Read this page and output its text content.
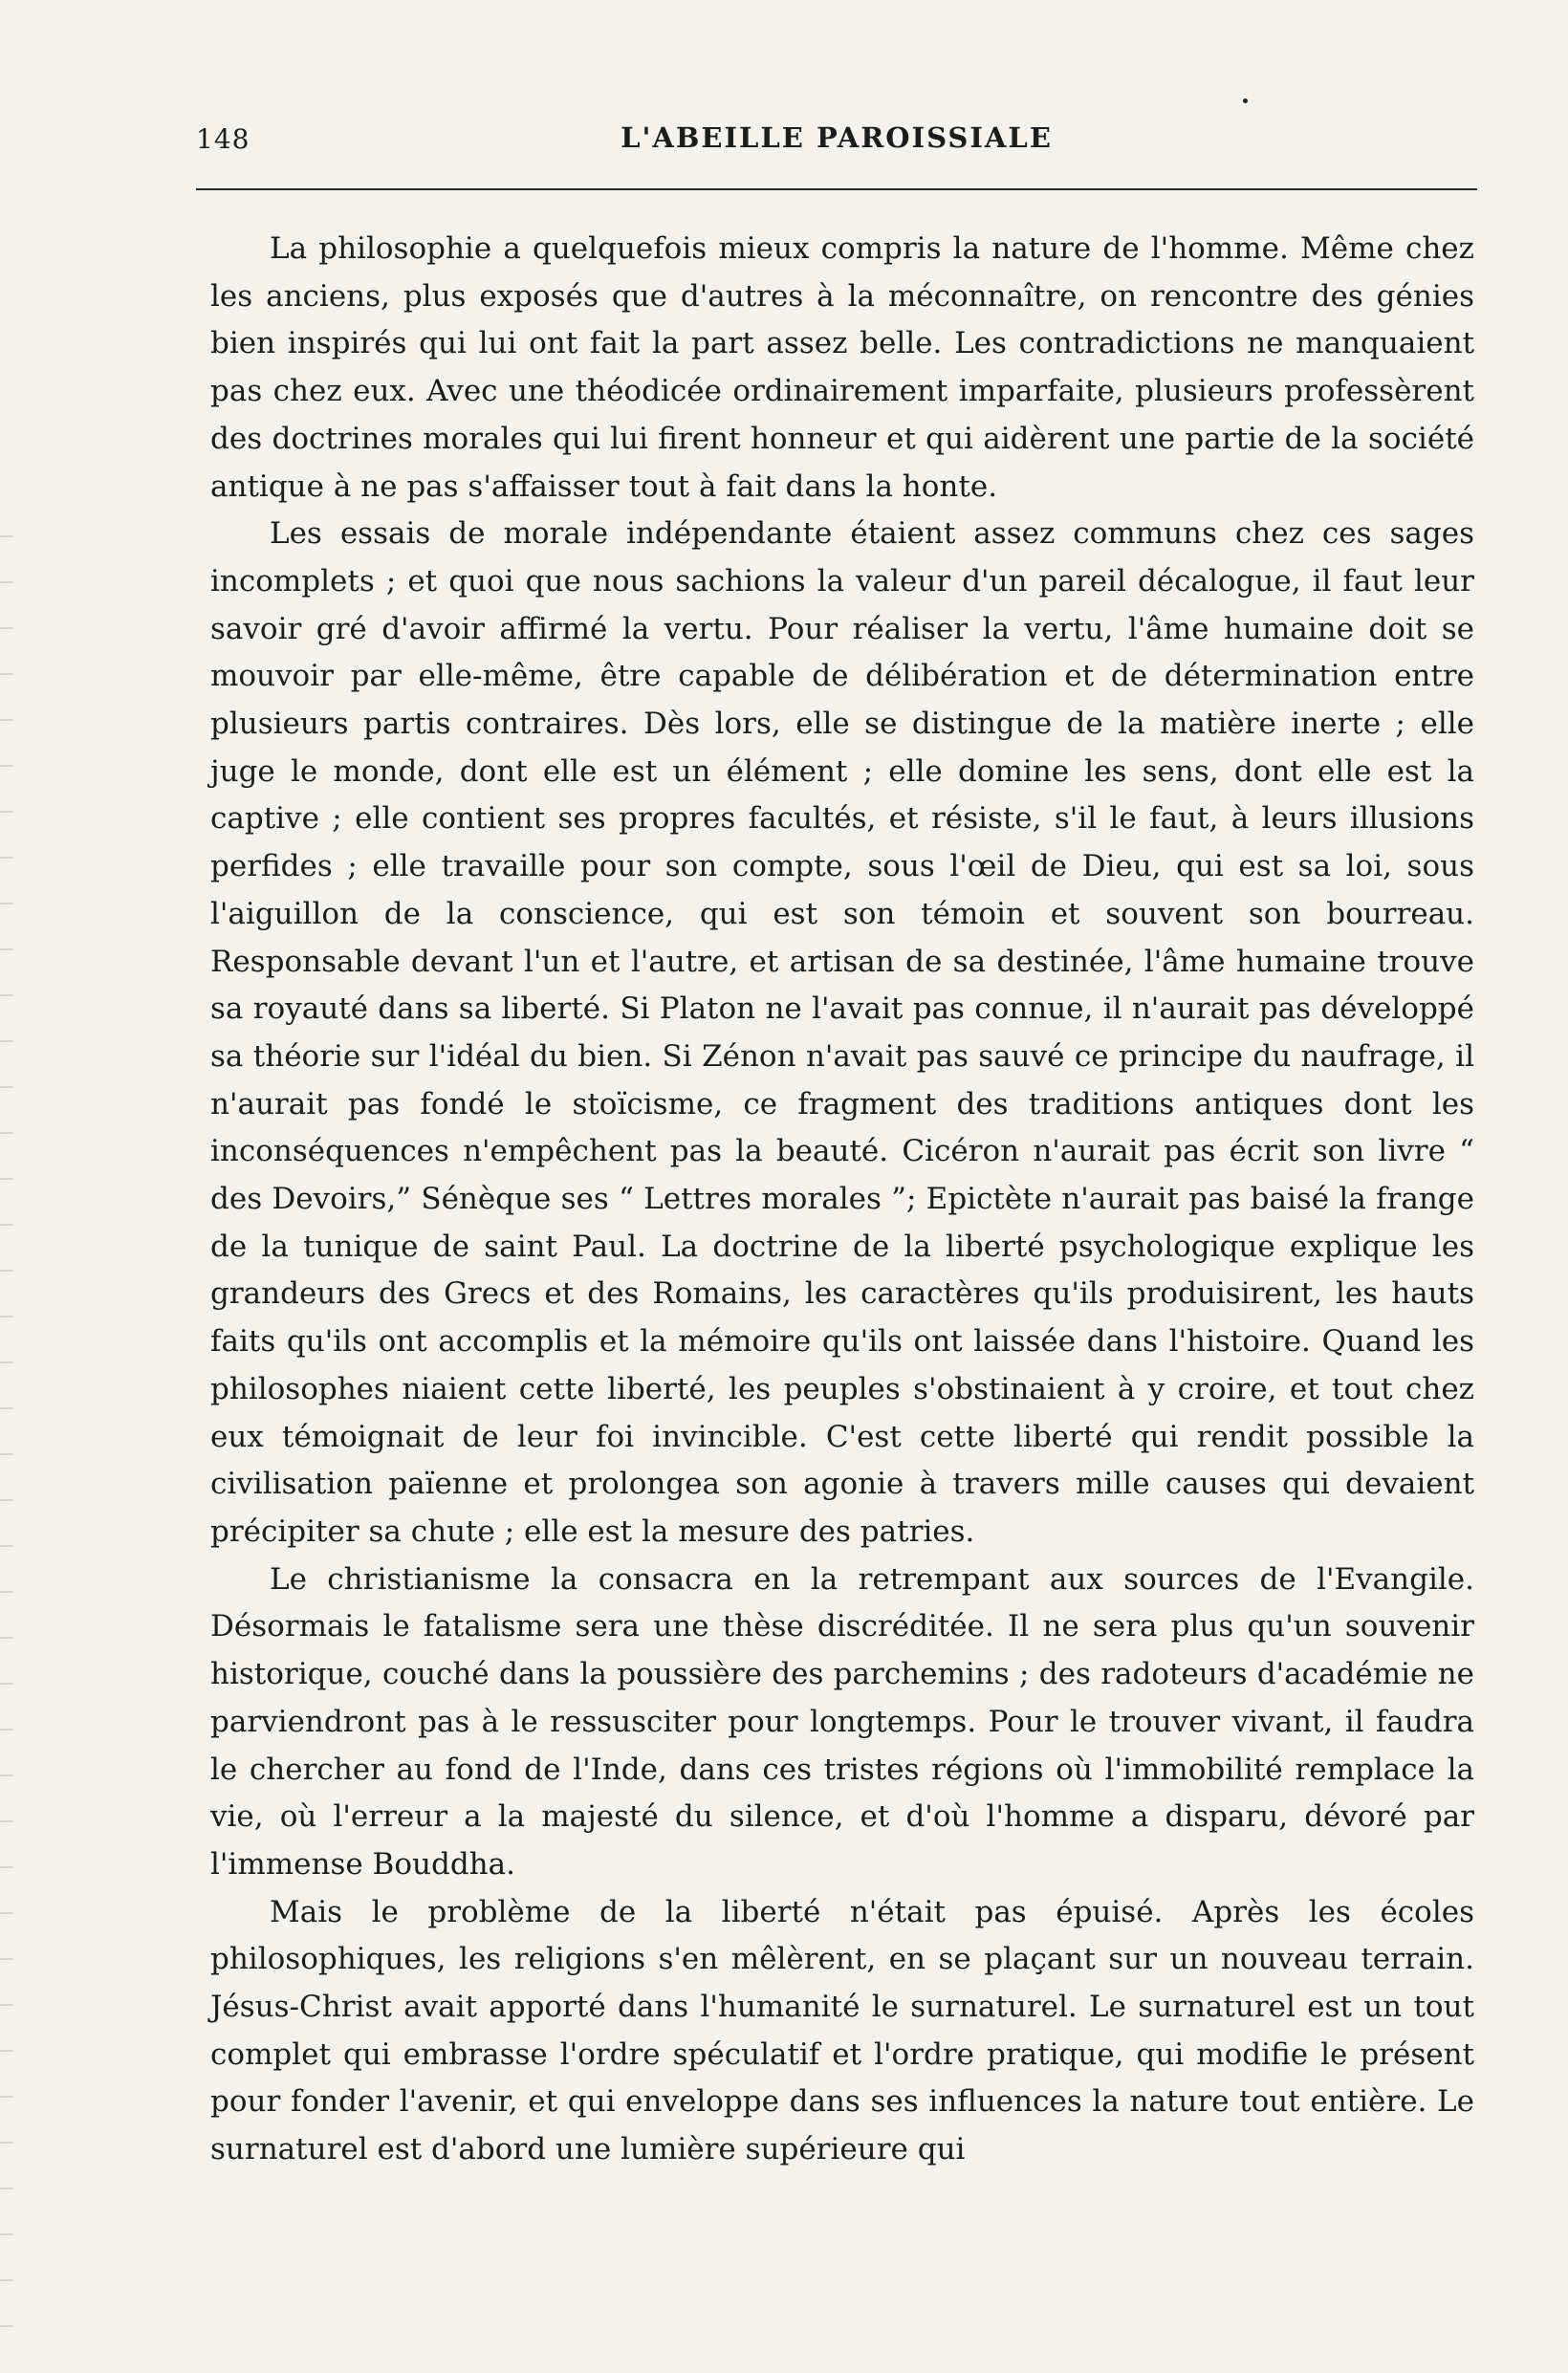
148	L'ABEILLE PAROISSIALE

La philosophie a quelquefois mieux compris la nature de l'homme. Même chez les anciens, plus exposés que d'autres à la méconnaître, on rencontre des génies bien inspirés qui lui ont fait la part assez belle. Les contradictions ne manquaient pas chez eux. Avec une théodicée ordinairement imparfaite, plusieurs professèrent des doctrines morales qui lui firent honneur et qui aidèrent une partie de la société antique à ne pas s'affaisser tout à fait dans la honte.

Les essais de morale indépendante étaient assez communs chez ces sages incomplets ; et quoi que nous sachions la valeur d'un pareil décalogue, il faut leur savoir gré d'avoir affirmé la vertu. Pour réaliser la vertu, l'âme humaine doit se mouvoir par elle-même, être capable de délibération et de détermination entre plusieurs partis contraires. Dès lors, elle se distingue de la matière inerte ; elle juge le monde, dont elle est un élément ; elle domine les sens, dont elle est la captive ; elle contient ses propres facultés, et résiste, s'il le faut, à leurs illusions perfides ; elle travaille pour son compte, sous l'œil de Dieu, qui est sa loi, sous l'aiguillon de la conscience, qui est son témoin et souvent son bourreau. Responsable devant l'un et l'autre, et artisan de sa destinée, l'âme humaine trouve sa royauté dans sa liberté. Si Platon ne l'avait pas connue, il n'aurait pas développé sa théorie sur l'idéal du bien. Si Zénon n'avait pas sauvé ce principe du naufrage, il n'aurait pas fondé le stoïcisme, ce fragment des traditions antiques dont les inconséquences n'empêchent pas la beauté. Cicéron n'aurait pas écrit son livre “ des Devoirs,” Sénèque ses “ Lettres morales ”; Epictète n'aurait pas baisé la frange de la tunique de saint Paul. La doctrine de la liberté psychologique explique les grandeurs des Grecs et des Romains, les caractères qu'ils produisirent, les hauts faits qu'ils ont accomplis et la mémoire qu'ils ont laissée dans l'histoire. Quand les philosophes niaient cette liberté, les peuples s'obstinaient à y croire, et tout chez eux témoignait de leur foi invincible. C'est cette liberté qui rendit possible la civilisation païenne et prolongea son agonie à travers mille causes qui devaient précipiter sa chute ; elle est la mesure des patries.

Le christianisme la consacra en la retrempant aux sources de l'Evangile. Désormais le fatalisme sera une thèse discréditée. Il ne sera plus qu'un souvenir historique, couché dans la poussière des parchemins ; des radoteurs d'académie ne parviendront pas à le ressusciter pour longtemps. Pour le trouver vivant, il faudra le chercher au fond de l'Inde, dans ces tristes régions où l'immobilité remplace la vie, où l'erreur a la majesté du silence, et d'où l'homme a disparu, dévoré par l'immense Bouddha.

Mais le problème de la liberté n'était pas épuisé. Après les écoles philosophiques, les religions s'en mêlèrent, en se plaçant sur un nouveau terrain. Jésus-Christ avait apporté dans l'humanité le surnaturel. Le surnaturel est un tout complet qui embrasse l'ordre spéculatif et l'ordre pratique, qui modifie le présent pour fonder l'avenir, et qui enveloppe dans ses influences la nature tout entière. Le surnaturel est d'abord une lumière supérieure qui
